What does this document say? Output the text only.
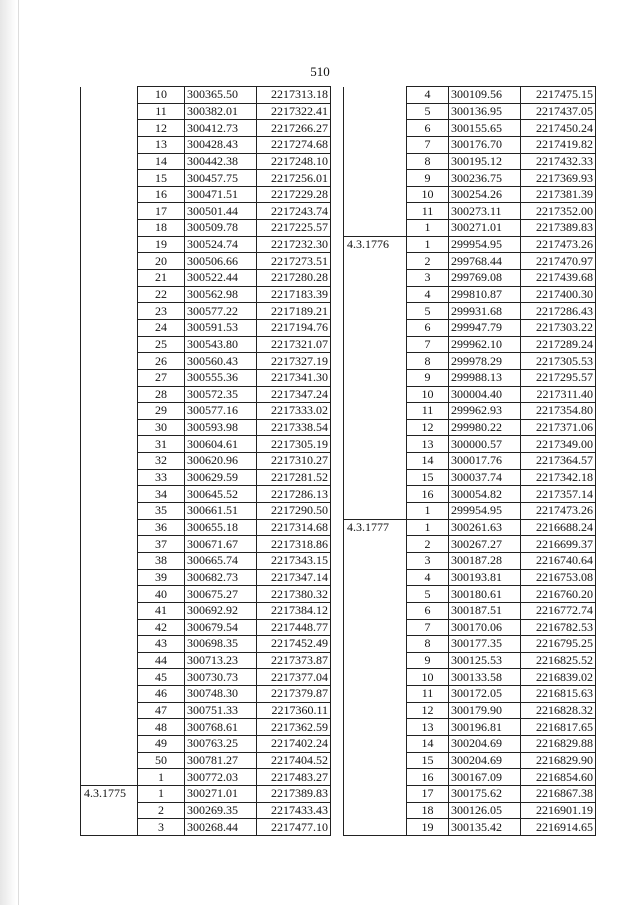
510
	10	300365.50	2217313.18
	11	300382.01	2217322.41
	12	300412.73	2217266.27
	13	300428.43	2217274.68
	14	300442.38	2217248.10
	15	300457.75	2217256.01
	16	300471.51	2217229.28
	17	300501.44	2217243.74
	18	300509.78	2217225.57
	19	300524.74	2217232.30
	20	300506.66	2217273.51
	21	300522.44	2217280.28
	22	300562.98	2217183.39
	23	300577.22	2217189.21
	24	300591.53	2217194.76
	25	300543.80	2217321.07
	26	300560.43	2217327.19
	27	300555.36	2217341.30
	28	300572.35	2217347.24
	29	300577.16	2217333.02
	30	300593.98	2217338.54
	31	300604.61	2217305.19
	32	300620.96	2217310.27
	33	300629.59	2217281.52
	34	300645.52	2217286.13
	35	300661.51	2217290.50
	36	300655.18	2217314.68
	37	300671.67	2217318.86
	38	300665.74	2217343.15
	39	300682.73	2217347.14
	40	300675.27	2217380.32
	41	300692.92	2217384.12
	42	300679.54	2217448.77
	43	300698.35	2217452.49
	44	300713.23	2217373.87
	45	300730.73	2217377.04
	46	300748.30	2217379.87
	47	300751.33	2217360.11
	48	300768.61	2217362.59
	49	300763.25	2217402.24
	50	300781.27	2217404.52
	1	300772.03	2217483.27
4.3.1775	1	300271.01	2217389.83
	2	300269.35	2217433.43
	3	300268.44	2217477.10
	4	300109.56	2217475.15
	5	300136.95	2217437.05
	6	300155.65	2217450.24
	7	300176.70	2217419.82
	8	300195.12	2217432.33
	9	300236.75	2217369.93
	10	300254.26	2217381.39
	11	300273.11	2217352.00
	1	300271.01	2217389.83
4.3.1776	1	299954.95	2217473.26
	2	299768.44	2217470.97
	3	299769.08	2217439.68
	4	299810.87	2217400.30
	5	299931.68	2217286.43
	6	299947.79	2217303.22
	7	299962.10	2217289.24
	8	299978.29	2217305.53
	9	299988.13	2217295.57
	10	300004.40	2217311.40
	11	299962.93	2217354.80
	12	299980.22	2217371.06
	13	300000.57	2217349.00
	14	300017.76	2217364.57
	15	300037.74	2217342.18
	16	300054.82	2217357.14
	1	299954.95	2217473.26
4.3.1777	1	300261.63	2216688.24
	2	300267.27	2216699.37
	3	300187.28	2216740.64
	4	300193.81	2216753.08
	5	300180.61	2216760.20
	6	300187.51	2216772.74
	7	300170.06	2216782.53
	8	300177.35	2216795.25
	9	300125.53	2216825.52
	10	300133.58	2216839.02
	11	300172.05	2216815.63
	12	300179.90	2216828.32
	13	300196.81	2216817.65
	14	300204.69	2216829.88
	15	300204.69	2216829.90
	16	300167.09	2216854.60
	17	300175.62	2216867.38
	18	300126.05	2216901.19
	19	300135.42	2216914.65
